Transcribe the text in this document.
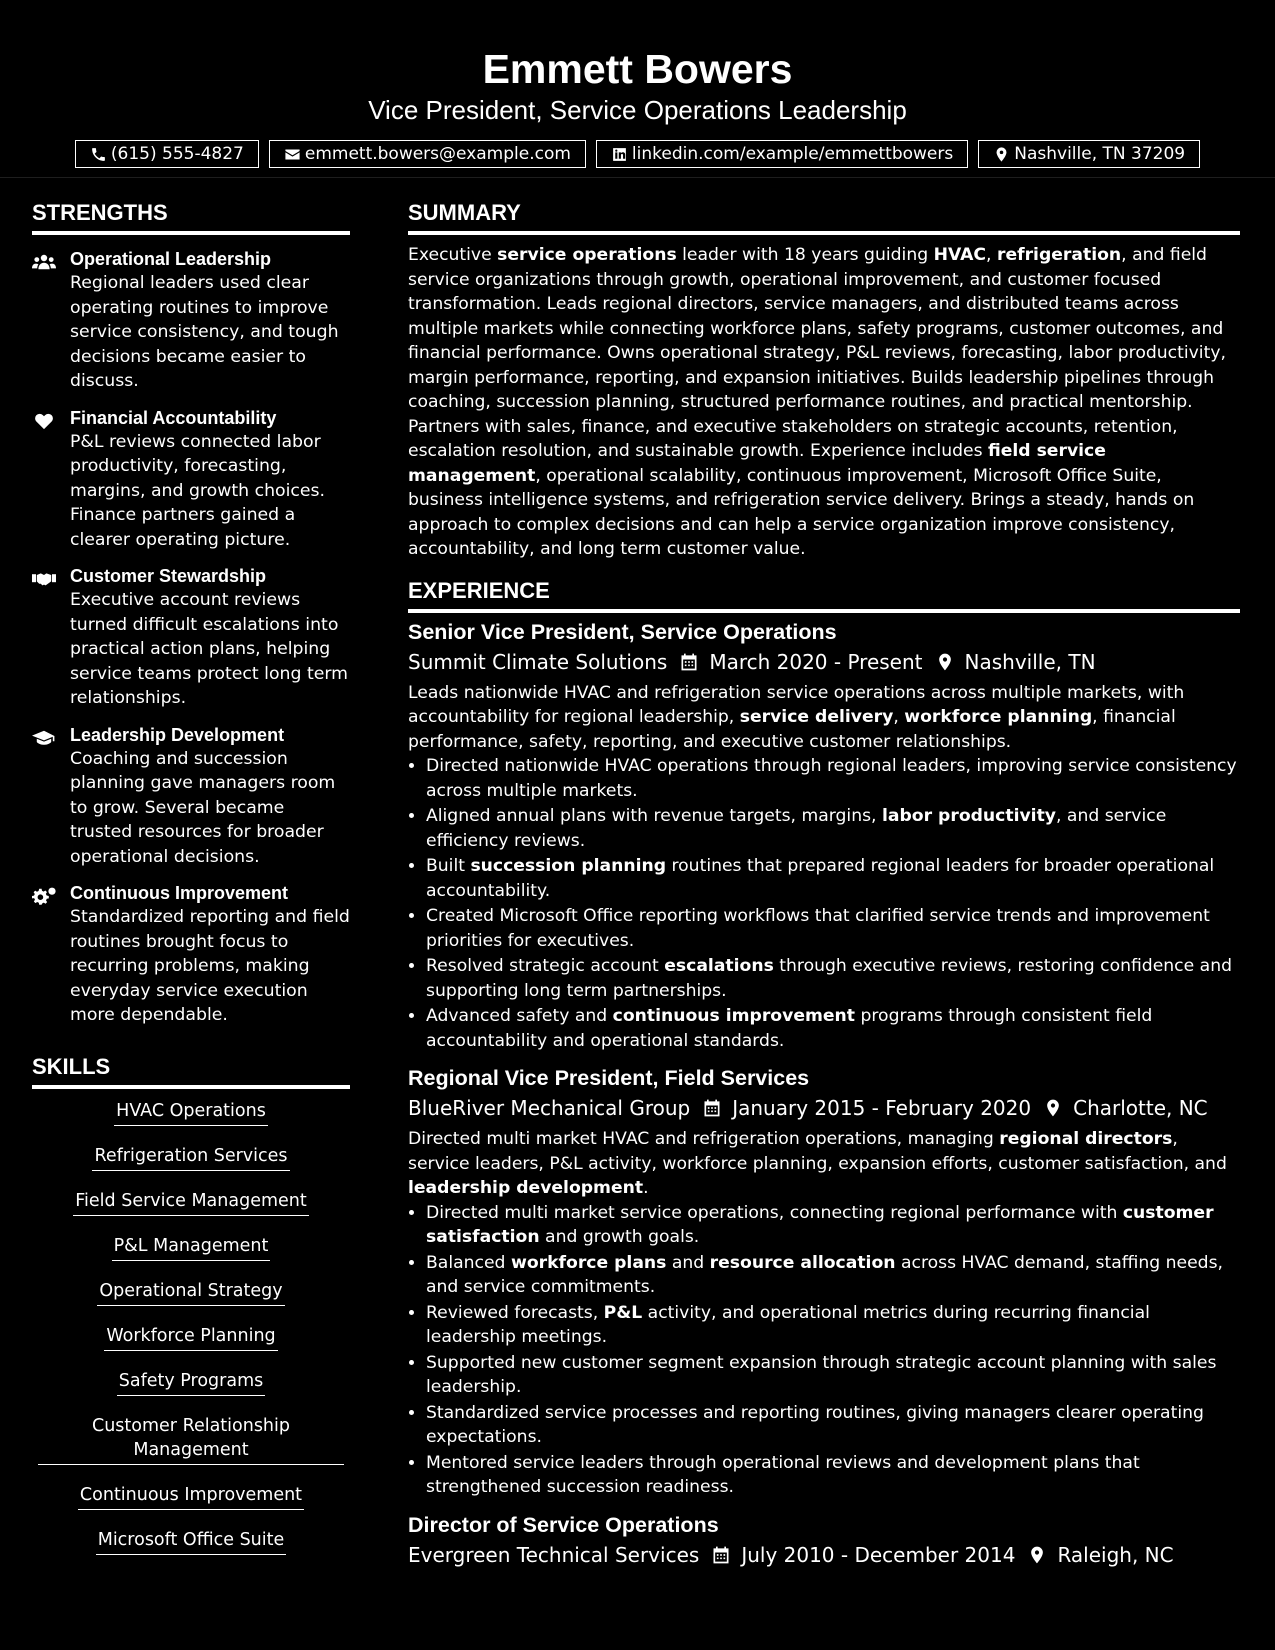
Emmett Bowers
Vice President, Service Operations Leadership
(615) 555-4827	emmett.bowers@example.com	linkedin.com/example/emmettbowers	Nashville, TN 37209
STRENGTHS
Operational Leadership
Regional leaders used clear operating routines to improve service consistency, and tough decisions became easier to discuss.
Financial Accountability
P&L reviews connected labor productivity, forecasting, margins, and growth choices. Finance partners gained a clearer operating picture.
Customer Stewardship
Executive account reviews turned difficult escalations into practical action plans, helping service teams protect long term relationships.
Leadership Development
Coaching and succession planning gave managers room to grow. Several became trusted resources for broader operational decisions.
Continuous Improvement
Standardized reporting and field routines brought focus to recurring problems, making everyday service execution more dependable.
SKILLS
HVAC Operations
Refrigeration Services
Field Service Management
P&L Management
Operational Strategy
Workforce Planning
Safety Programs
Customer Relationship Management
Continuous Improvement
Microsoft Office Suite
SUMMARY
Executive service operations leader with 18 years guiding HVAC, refrigeration, and field service organizations through growth, operational improvement, and customer focused transformation. Leads regional directors, service managers, and distributed teams across multiple markets while connecting workforce plans, safety programs, customer outcomes, and financial performance. Owns operational strategy, P&L reviews, forecasting, labor productivity, margin performance, reporting, and expansion initiatives. Builds leadership pipelines through coaching, succession planning, structured performance routines, and practical mentorship. Partners with sales, finance, and executive stakeholders on strategic accounts, retention, escalation resolution, and sustainable growth. Experience includes field service management, operational scalability, continuous improvement, Microsoft Office Suite, business intelligence systems, and refrigeration service delivery. Brings a steady, hands on approach to complex decisions and can help a service organization improve consistency, accountability, and long term customer value.
EXPERIENCE
Senior Vice President, Service Operations
Summit Climate Solutions March 2020 - Present Nashville, TN
Leads nationwide HVAC and refrigeration service operations across multiple markets, with accountability for regional leadership, service delivery, workforce planning, financial performance, safety, reporting, and executive customer relationships.
• Directed nationwide HVAC operations through regional leaders, improving service consistency across multiple markets.
• Aligned annual plans with revenue targets, margins, labor productivity, and service efficiency reviews.
• Built succession planning routines that prepared regional leaders for broader operational accountability.
• Created Microsoft Office reporting workflows that clarified service trends and improvement priorities for executives.
• Resolved strategic account escalations through executive reviews, restoring confidence and supporting long term partnerships.
• Advanced safety and continuous improvement programs through consistent field accountability and operational standards.
Regional Vice President, Field Services
BlueRiver Mechanical Group January 2015 - February 2020 Charlotte, NC
Directed multi market HVAC and refrigeration operations, managing regional directors, service leaders, P&L activity, workforce planning, expansion efforts, customer satisfaction, and leadership development.
• Directed multi market service operations, connecting regional performance with customer satisfaction and growth goals.
• Balanced workforce plans and resource allocation across HVAC demand, staffing needs, and service commitments.
• Reviewed forecasts, P&L activity, and operational metrics during recurring financial leadership meetings.
• Supported new customer segment expansion through strategic account planning with sales leadership.
• Standardized service processes and reporting routines, giving managers clearer operating expectations.
• Mentored service leaders through operational reviews and development plans that strengthened succession readiness.
Director of Service Operations
Evergreen Technical Services July 2010 - December 2014 Raleigh, NC
